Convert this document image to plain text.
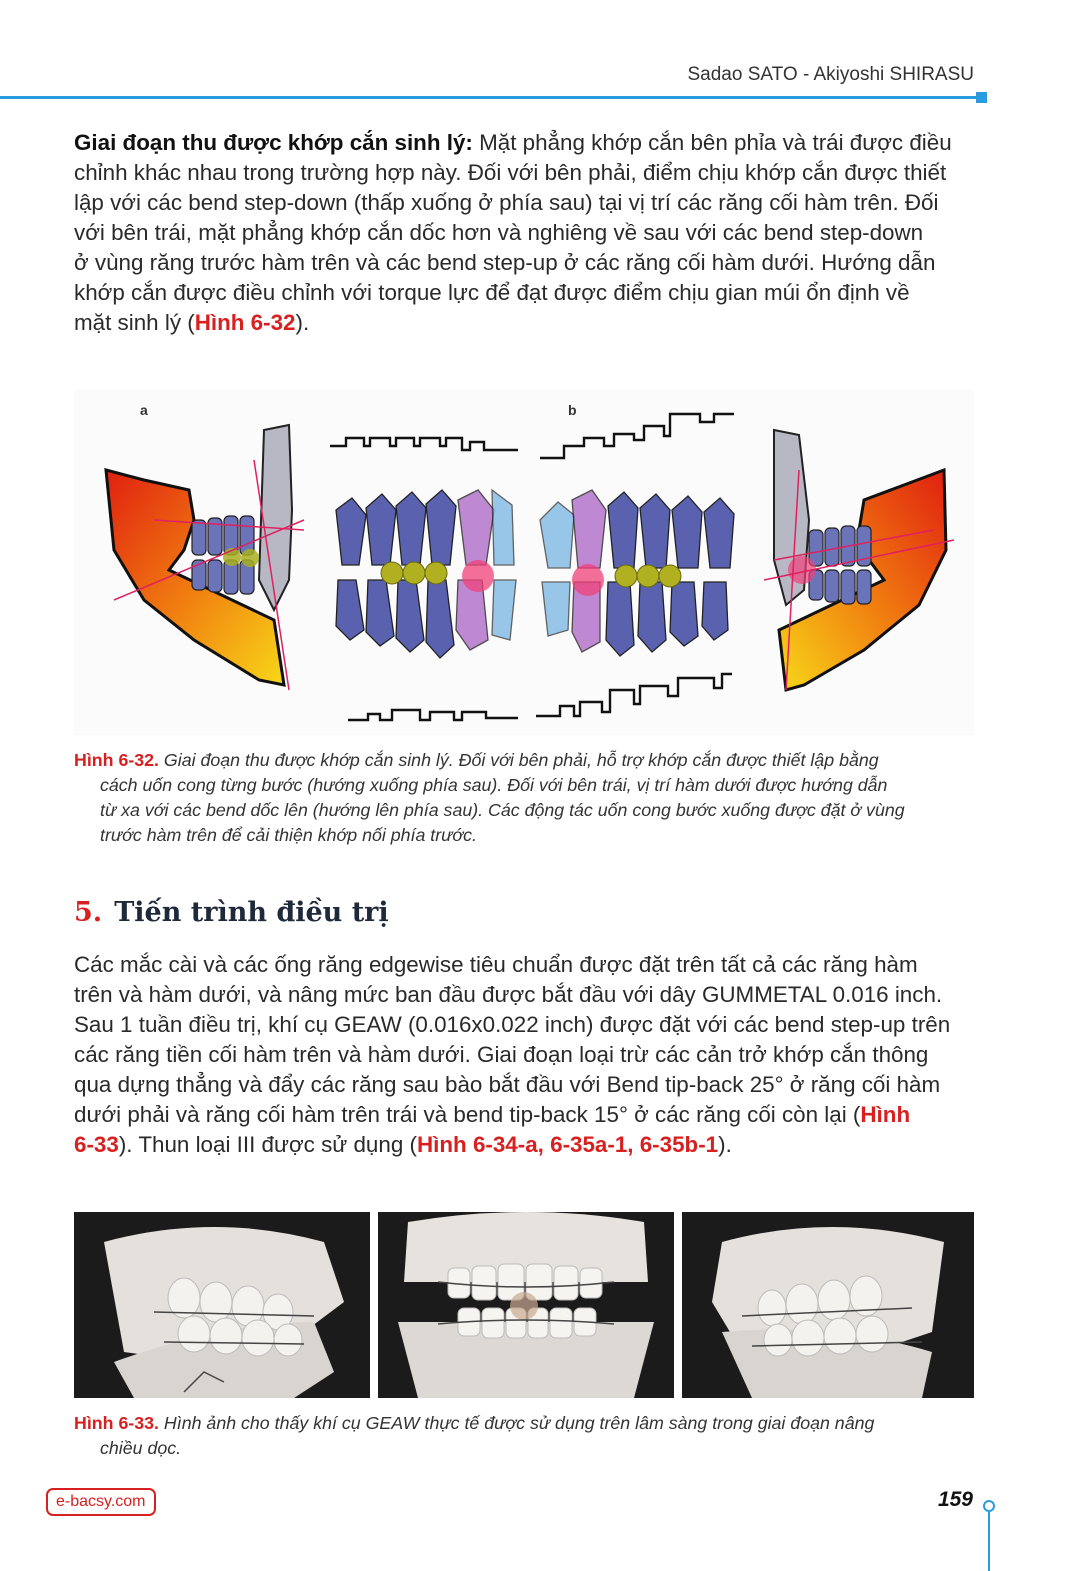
Sadao SATO - Akiyoshi SHIRASU
Giai đoạn thu được khớp cắn sinh lý: Mặt phẳng khớp cắn bên phỉa và trái được điều
chỉnh khác nhau trong trường hợp này. Đối với bên phải, điểm chịu khớp cắn được thiết
lập với các bend step-down (thấp xuống ở phía sau) tại vị trí các răng cối hàm trên. Đối
với bên trái, mặt phẳng khớp cắn dốc hơn và nghiêng về sau với các bend step-down
ở vùng răng trước hàm trên và các bend step-up ở các răng cối hàm dưới. Hướng dẫn
khớp cắn được điều chỉnh với torque lực để đạt được điểm chịu gian múi ổn định về
mặt sinh lý (Hình 6-32).
a	b
Hình 6-32. Giai đoạn thu được khớp cắn sinh lý. Đối với bên phải, hỗ trợ khớp cắn được thiết lập bằng
cách uốn cong từng bước (hướng xuống phía sau). Đối với bên trái, vị trí hàm dưới được hướng dẫn
từ xa với các bend dốc lên (hướng lên phía sau). Các động tác uốn cong bước xuống được đặt ở vùng
trước hàm trên để cải thiện khớp nối phía trước.
5. Tiến trình điều trị
Các mắc cài và các ống răng edgewise tiêu chuẩn được đặt trên tất cả các răng hàm
trên và hàm dưới, và nâng mức ban đầu được bắt đầu với dây GUMMETAL 0.016 inch.
Sau 1 tuần điều trị, khí cụ GEAW (0.016x0.022 inch) được đặt với các bend step-up trên
các răng tiền cối hàm trên và hàm dưới. Giai đoạn loại trừ các cản trở khớp cắn thông
qua dựng thẳng và đẩy các răng sau bào bắt đầu với Bend tip-back 25° ở răng cối hàm
dưới phải và răng cối hàm trên trái và bend tip-back 15° ở các răng cối còn lại (Hình
6-33). Thun loại III được sử dụng (Hình 6-34-a, 6-35a-1, 6-35b-1).
Hình 6-33. Hình ảnh cho thấy khí cụ GEAW thực tế được sử dụng trên lâm sàng trong giai đoạn nâng
chiều dọc.
e-bacsy.com	159
